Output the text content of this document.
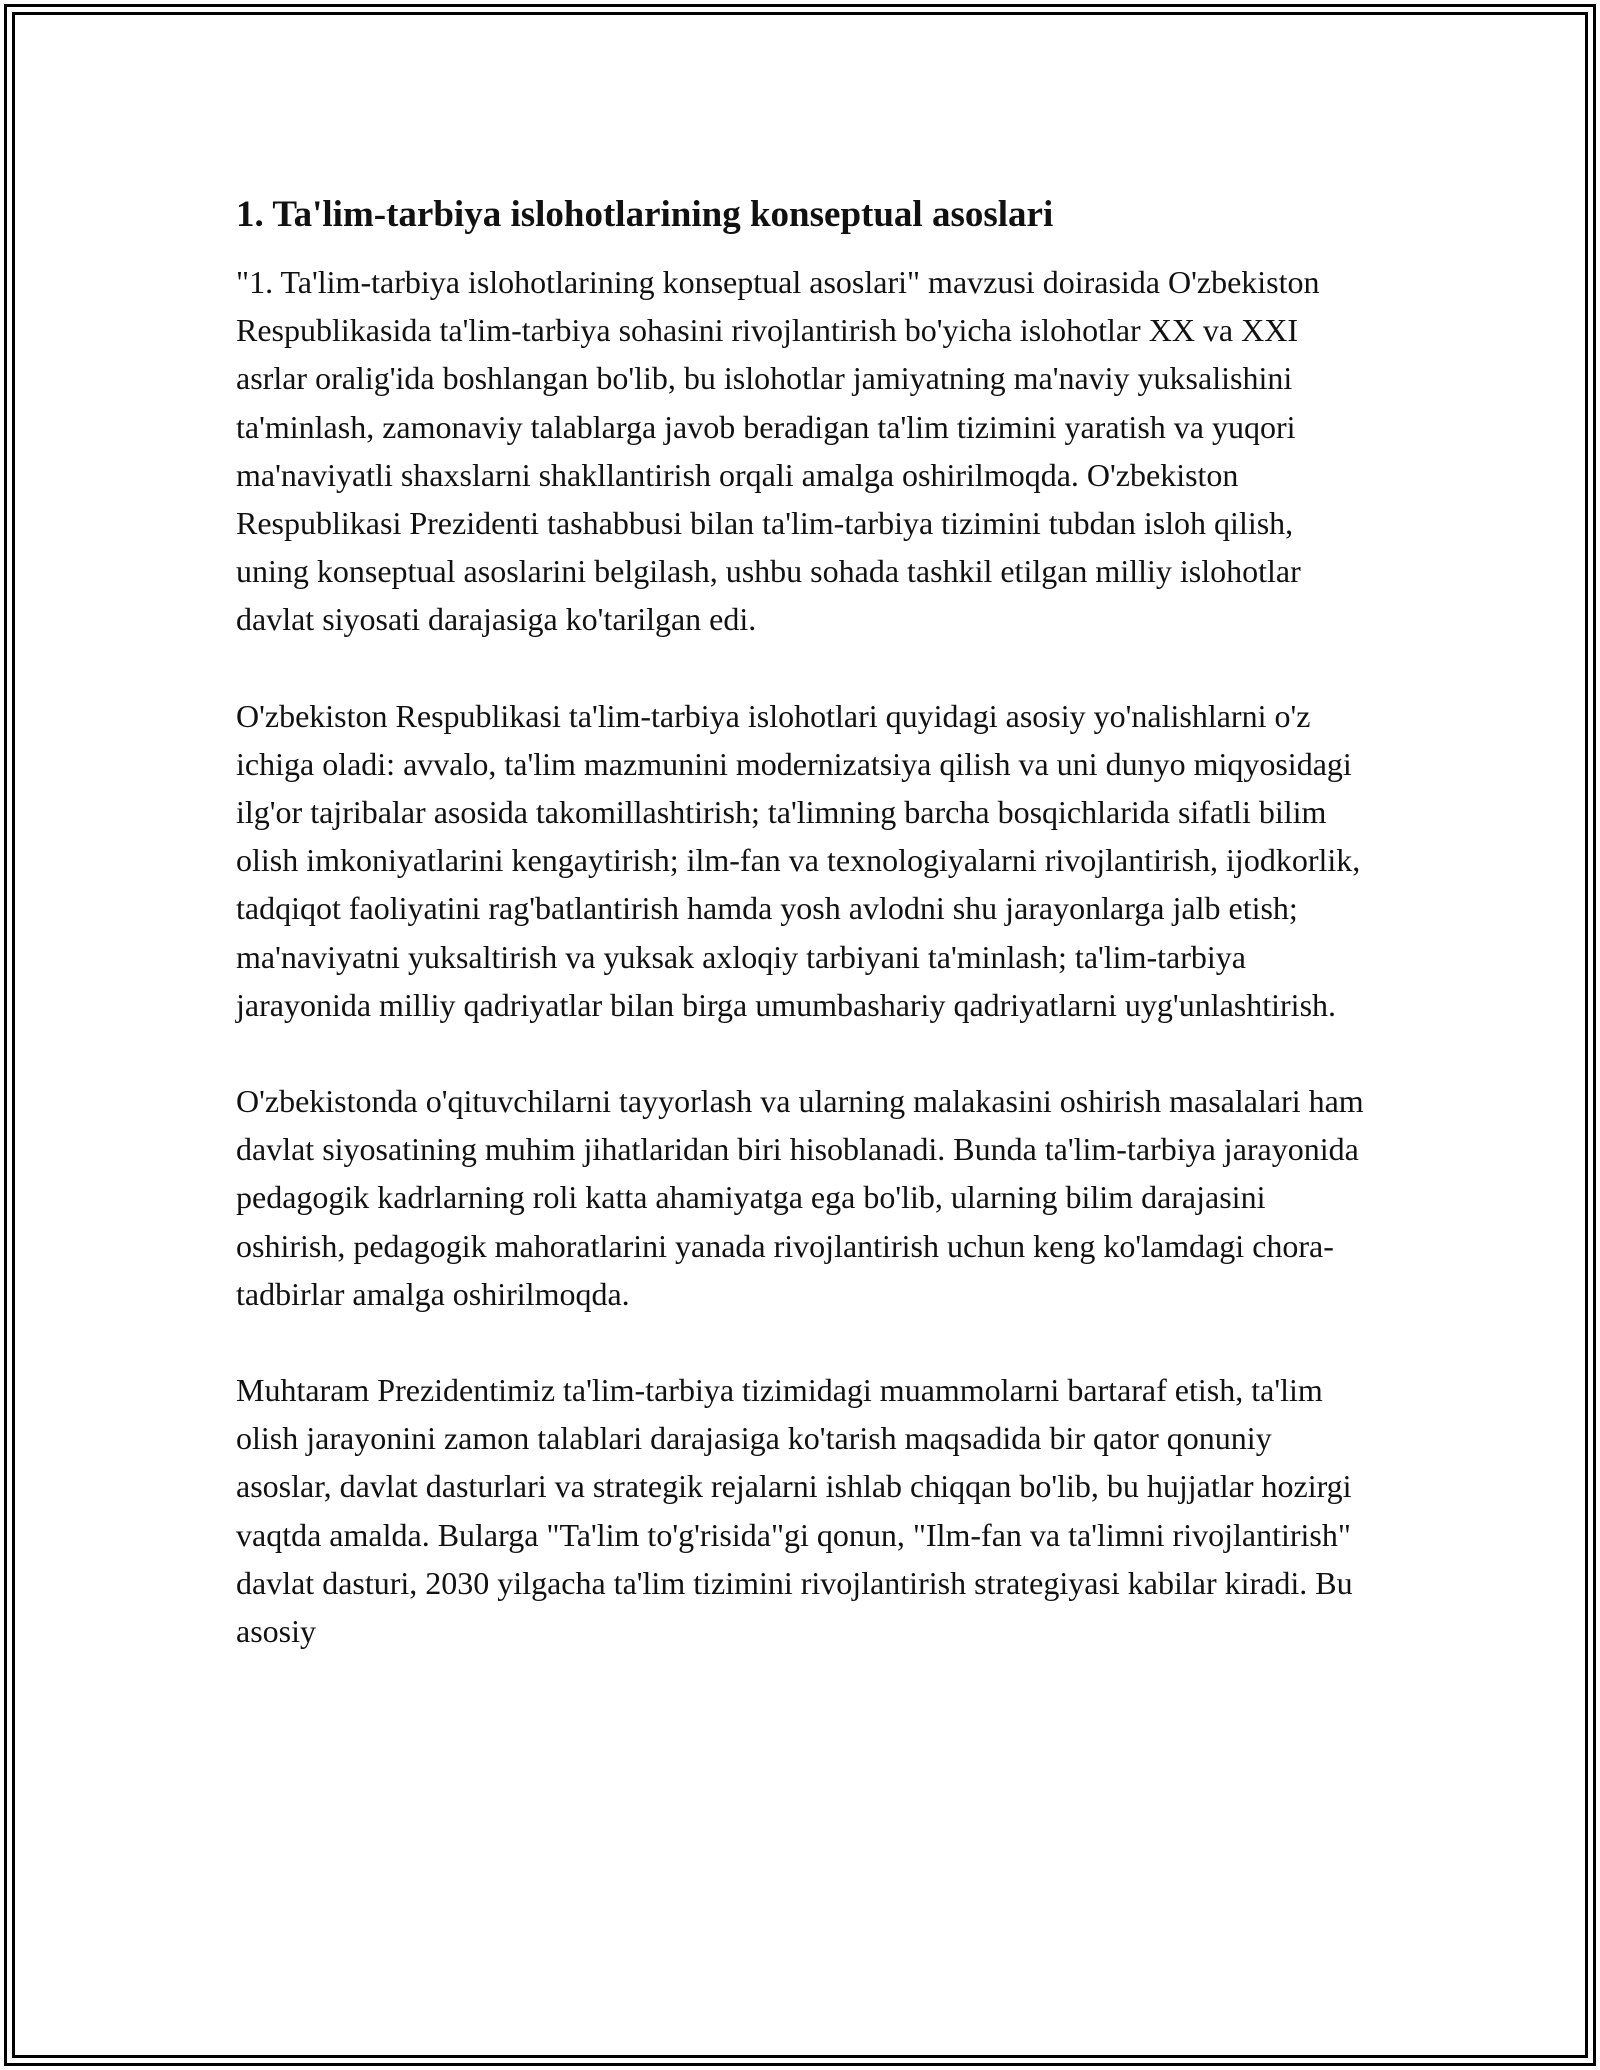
1. Ta'lim-tarbiya islohotlarining konseptual asoslari

"1. Ta'lim-tarbiya islohotlarining konseptual asoslari" mavzusi doirasida O'zbekiston Respublikasida ta'lim-tarbiya sohasini rivojlantirish bo'yicha islohotlar XX va XXI asrlar oralig'ida boshlangan bo'lib, bu islohotlar jamiyatning ma'naviy yuksalishini ta'minlash, zamonaviy talablarga javob beradigan ta'lim tizimini yaratish va yuqori ma'naviyatli shaxslarni shakllantirish orqali amalga oshirilmoqda. O'zbekiston Respublikasi Prezidenti tashabbusi bilan ta'lim-tarbiya tizimini tubdan isloh qilish, uning konseptual asoslarini belgilash, ushbu sohada tashkil etilgan milliy islohotlar davlat siyosati darajasiga ko'tarilgan edi.

O'zbekiston Respublikasi ta'lim-tarbiya islohotlari quyidagi asosiy yo'nalishlarni o'z ichiga oladi: avvalo, ta'lim mazmunini modernizatsiya qilish va uni dunyo miqyosidagi ilg'or tajribalar asosida takomillashtirish; ta'limning barcha bosqichlarida sifatli bilim olish imkoniyatlarini kengaytirish; ilm-fan va texnologiyalarni rivojlantirish, ijodkorlik, tadqiqot faoliyatini rag'batlantirish hamda yosh avlodni shu jarayonlarga jalb etish; ma'naviyatni yuksaltirish va yuksak axloqiy tarbiyani ta'minlash; ta'lim-tarbiya jarayonida milliy qadriyatlar bilan birga umumbashariy qadriyatlarni uyg'unlashtirish.

O'zbekistonda o'qituvchilarni tayyorlash va ularning malakasini oshirish masalalari ham davlat siyosatining muhim jihatlaridan biri hisoblanadi. Bunda ta'lim-tarbiya jarayonida pedagogik kadrlarning roli katta ahamiyatga ega bo'lib, ularning bilim darajasini oshirish, pedagogik mahoratlarini yanada rivojlantirish uchun keng ko'lamdagi chora-tadbirlar amalga oshirilmoqda.

Muhtaram Prezidentimiz ta'lim-tarbiya tizimidagi muammolarni bartaraf etish, ta'lim olish jarayonini zamon talablari darajasiga ko'tarish maqsadida bir qator qonuniy asoslar, davlat dasturlari va strategik rejalarni ishlab chiqqan bo'lib, bu hujjatlar hozirgi vaqtda amalda. Bularga "Ta'lim to'g'risida"gi qonun, "Ilm-fan va ta'limni rivojlantirish" davlat dasturi, 2030 yilgacha ta'lim tizimini rivojlantirish strategiyasi kabilar kiradi. Bu asosiy
